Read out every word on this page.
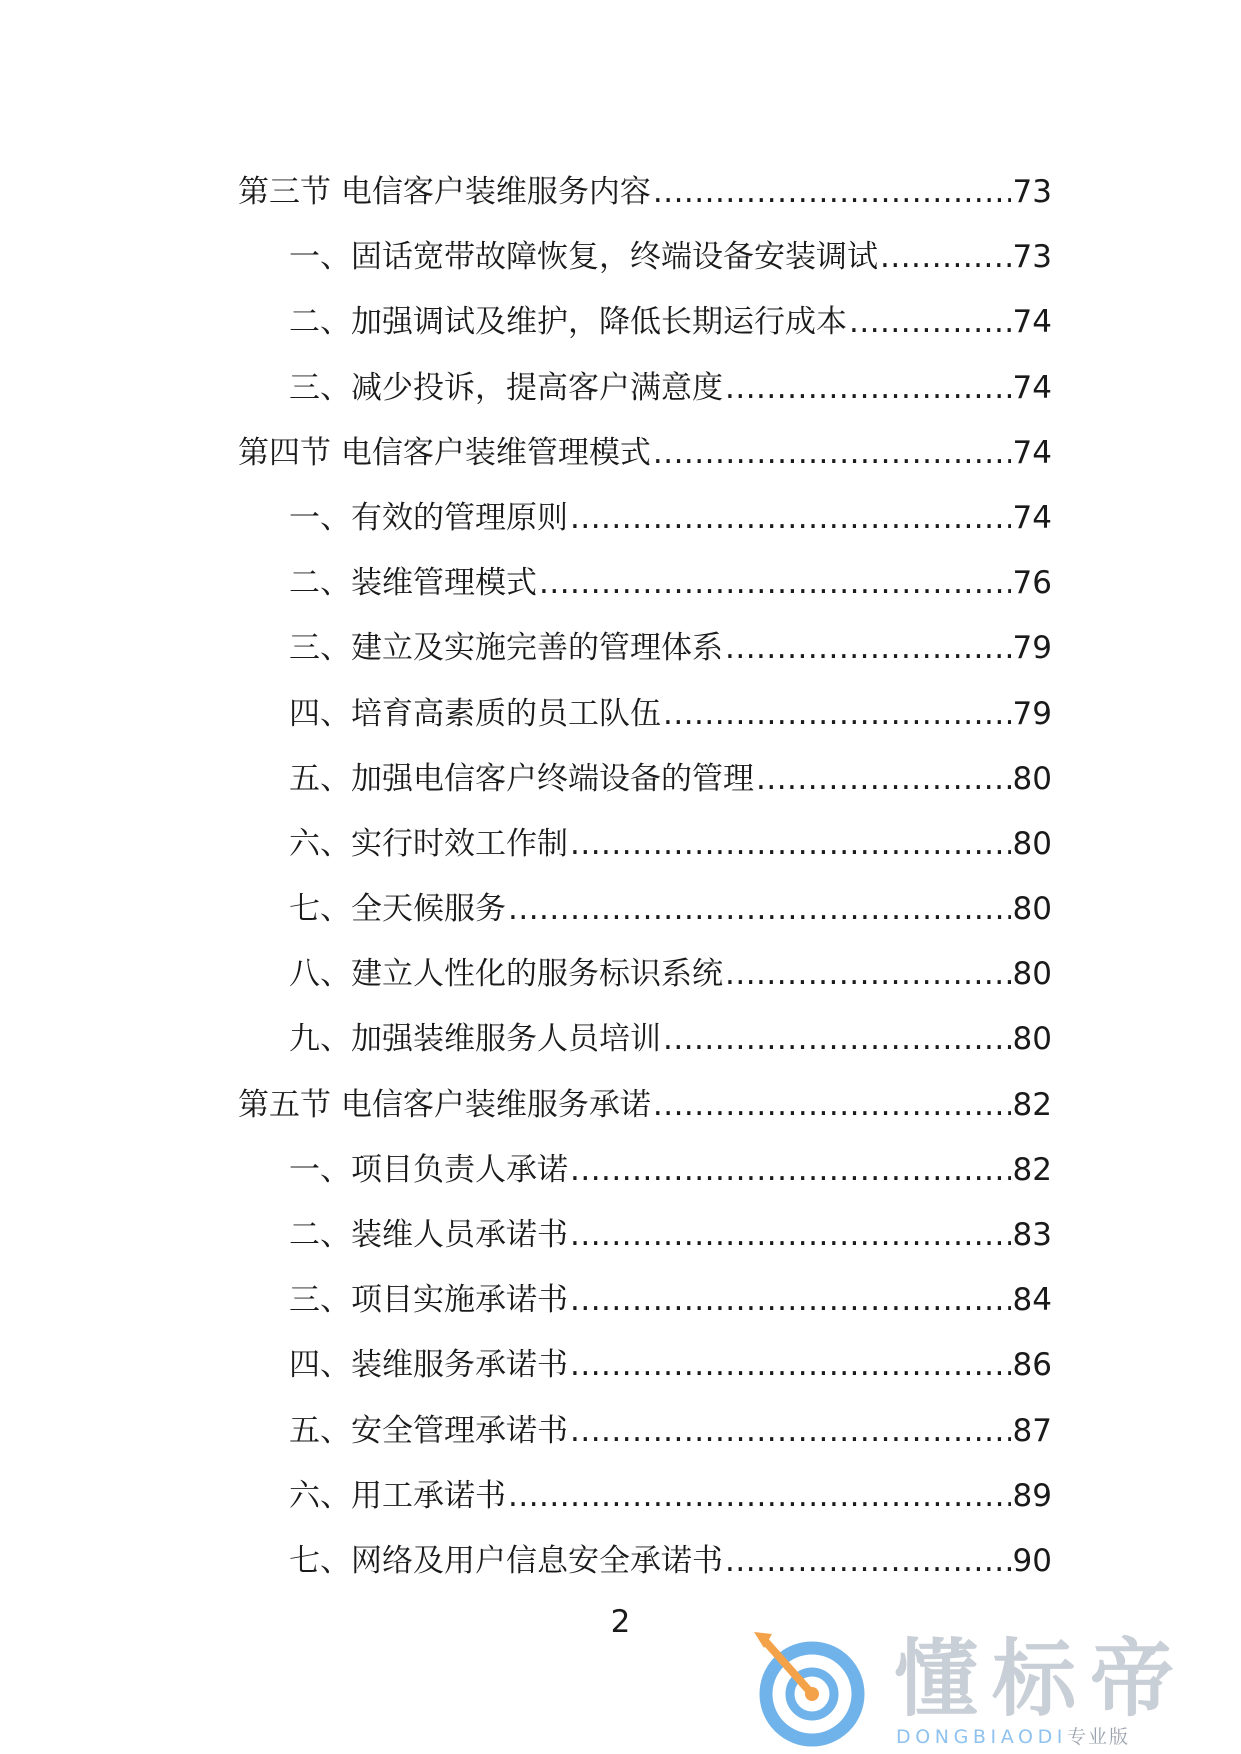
第三节 电信客户装维服务内容 .....	73
一、固话宽带故障恢复，终端设备安装调试 .....	73
二、加强调试及维护，降低长期运行成本 .....	74
三、减少投诉，提高客户满意度 .....	74
第四节 电信客户装维管理模式 .....	74
一、有效的管理原则 .....	74
二、装维管理模式 .....	76
三、建立及实施完善的管理体系 .....	79
四、培育高素质的员工队伍 .....	79
五、加强电信客户终端设备的管理 .....	80
六、实行时效工作制 .....	80
七、全天候服务 .....	80
八、建立人性化的服务标识系统 .....	80
九、加强装维服务人员培训 .....	80
第五节 电信客户装维服务承诺 .....	82
一、项目负责人承诺 .....	82
二、装维人员承诺书 .....	83
三、项目实施承诺书 .....	84
四、装维服务承诺书 .....	86
五、安全管理承诺书 .....	87
六、用工承诺书 .....	89
七、网络及用户信息安全承诺书 .....	90
2
懂标帝
DONGBIAODI专业版
